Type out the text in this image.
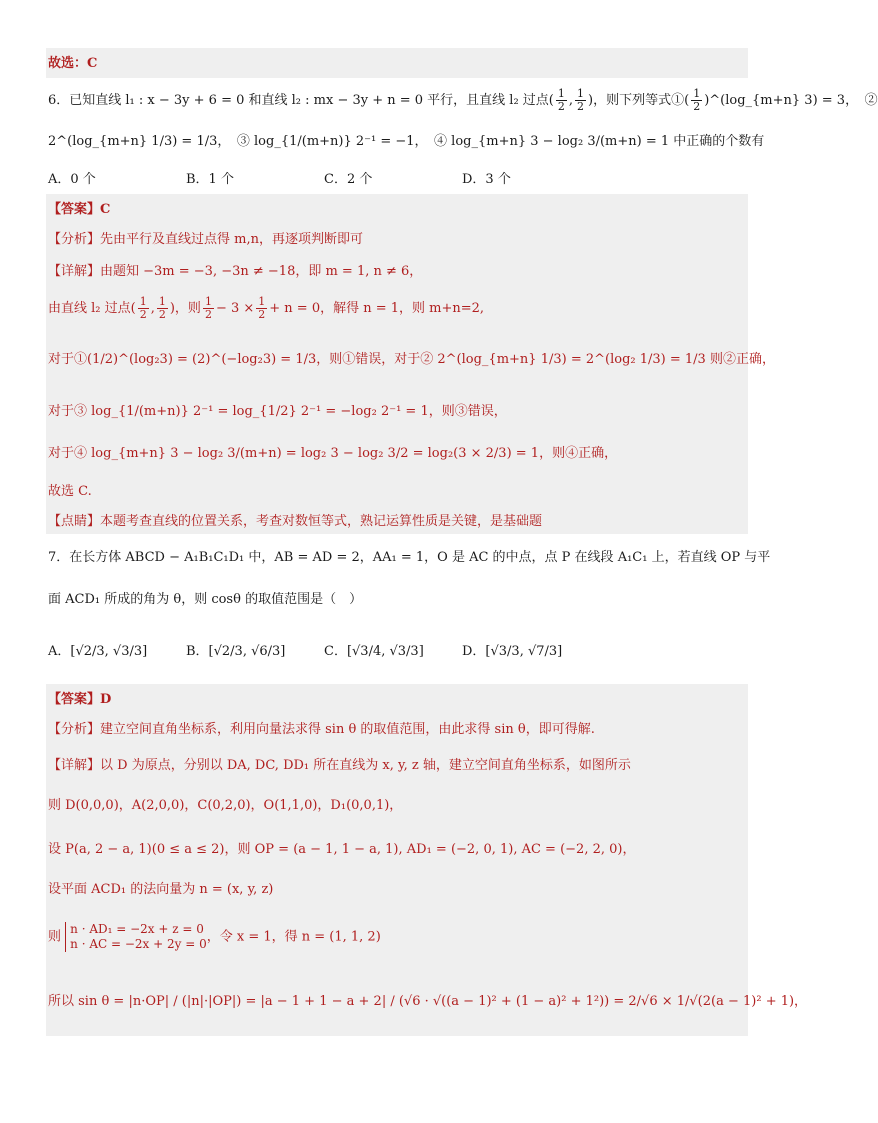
故选：C
6．已知直线 l₁ : x − 3y + 6 = 0 和直线 l₂ : mx − 3y + n = 0 平行，且直线 l₂ 过点( $\frac{1}{2}$ , $\frac{1}{2}$ )，则下列等式①( $\frac{1}{2}$ )^(log_{m+n} 3) = 3，　②
2^(log_{m+n} 1/3) = 1/3，　③ log_{1/(m+n)} 2⁻¹ = −1，　④ log_{m+n} 3 − log₂ 3/(m+n) = 1 中正确的个数有
A．0 个	B．1 个	C．2 个	D．3 个
【答案】C
【分析】先由平行及直线过点得 m,n，再逐项判断即可
【详解】由题知 −3m = −3, −3n ≠ −18，即 m = 1, n ≠ 6，
由直线 l₂ 过点( $\frac{1}{2}$ , $\frac{1}{2}$ )，则 $\frac{1}{2} - 3 \times \frac{1}{2} + n = 0$，解得 n = 1，则 m+n=2,
对于①(1/2)^(log₂3) = (2)^(−log₂3) = 1/3，则①错误，对于② 2^(log_{m+n} 1/3) = 2^(log₂ 1/3) = 1/3 则②正确，
对于③ log_{1/(m+n)} 2⁻¹ = log_{1/2} 2⁻¹ = −log₂ 2⁻¹ = 1，则③错误，
对于④ log_{m+n} 3 − log₂ 3/(m+n) = log₂ 3 − log₂ 3/2 = log₂(3 × 2/3) = 1，则④正确，
故选 C.
【点睛】本题考查直线的位置关系，考查对数恒等式，熟记运算性质是关键，是基础题
7．在长方体 ABCD − A₁B₁C₁D₁ 中，AB = AD = 2，AA₁ = 1，O 是 AC 的中点，点 P 在线段 A₁C₁ 上，若直线 OP 与平
面 ACD₁ 所成的角为 θ，则 cosθ 的取值范围是（　）
A．[√2/3, √3/3]	B．[√2/3, √6/3]	C．[√3/4, √3/3]	D．[√3/3, √7/3]
【答案】D
【分析】建立空间直角坐标系，利用向量法求得 sin θ 的取值范围，由此求得 sin θ，即可得解.
【详解】以 D 为原点，分别以 DA, DC, DD₁ 所在直线为 x, y, z 轴，建立空间直角坐标系，如图所示
则 D(0,0,0)，A(2,0,0)，C(0,2,0)，O(1,1,0)，D₁(0,0,1)，
设 P(a, 2 − a, 1)(0 ≤ a ≤ 2)，则 OP = (a − 1, 1 − a, 1), AD₁ = (−2, 0, 1), AC = (−2, 2, 0)，
设平面 ACD₁ 的法向量为 n = (x, y, z)
则
n · AD₁ = −2x + z = 0
n · AC = −2x + 2y = 0 ，令 x = 1，得 n = (1, 1, 2)
所以 sin θ = |n·OP| / (|n|·|OP|) = |a − 1 + 1 − a + 2| / (√6 · √((a − 1)² + (1 − a)² + 1²)) = 2/√6 × 1/√(2(a − 1)² + 1)，
